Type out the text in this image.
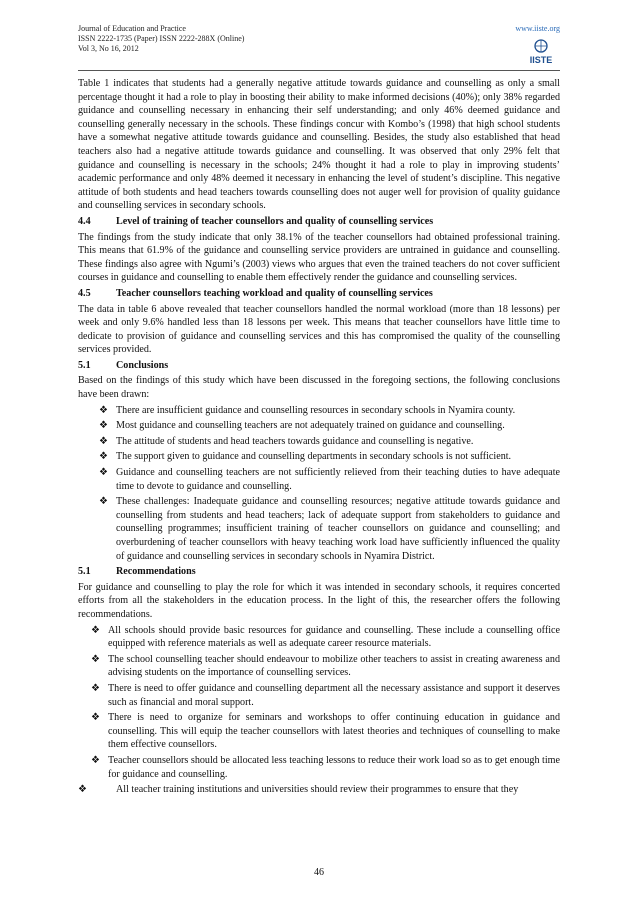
Journal of Education and Practice
ISSN 2222-1735 (Paper) ISSN 2222-288X (Online)
Vol 3, No 16, 2012
www.iiste.org
IISTE

Table 1 indicates that students had a generally negative attitude towards guidance and counselling as only a small percentage thought it had a role to play in boosting their ability to make informed decisions (40%); only 38% regarded guidance and counselling necessary in enhancing their self understanding; and only 46% deemed guidance and counselling generally necessary in the schools. These findings concur with Kombo’s (1998) that high school students have a somewhat negative attitude towards guidance and counselling. Besides, the study also established that head teachers also had a negative attitude towards guidance and counselling. It was observed that only 29% felt that guidance and counselling is necessary in the schools; 24% thought it had a role to play in improving students’ academic performance and only 48% deemed it necessary in enhancing the level of student’s discipline. This negative attitude of both students and head teachers towards counselling does not auger well for provision of quality guidance and counselling services in secondary schools.

4.4	Level of training of teacher counsellors and quality of counselling services

The findings from the study indicate that only 38.1% of the teacher counsellors had obtained professional training. This means that 61.9% of the guidance and counselling service providers are untrained in guidance and counselling. These findings also agree with Ngumi’s (2003) views who argues that even the trained teachers do not cover sufficient courses in guidance and counselling to enable them effectively render the guidance and counselling services.

4.5	Teacher counsellors teaching workload and quality of counselling services

The data in table 6 above revealed that teacher counsellors handled the normal workload (more than 18 lessons) per week and only 9.6% handled less than 18 lessons per week. This means that teacher counsellors have little time to dedicate to provision of guidance and counselling services and this has compromised the quality of the counselling services provided.

5.1	Conclusions

Based on the findings of this study which have been discussed in the foregoing sections, the following conclusions have been drawn:

❖ There are insufficient guidance and counselling resources in secondary schools in Nyamira county.
❖ Most guidance and counselling teachers are not adequately trained on guidance and counselling.
❖ The attitude of students and head teachers towards guidance and counselling is negative.
❖ The support given to guidance and counselling departments in secondary schools is not sufficient.
❖ Guidance and counselling teachers are not sufficiently relieved from their teaching duties to have adequate time to devote to guidance and counselling.
❖ These challenges: Inadequate guidance and counselling resources; negative attitude towards guidance and counselling from students and head teachers; lack of adequate support from stakeholders to guidance and counselling programmes; insufficient training of teacher counsellors on guidance and counselling; and overburdening of teacher counsellors with heavy teaching work load have sufficiently influenced the quality of guidance and counselling services in secondary schools in Nyamira District.
5.1	Recommendations

For guidance and counselling to play the role for which it was intended in secondary schools, it requires concerted efforts from all the stakeholders in the education process. In the light of this, the researcher offers the following recommendations.

❖ All schools should provide basic resources for guidance and counselling. These include a counselling office equipped with reference materials as well as adequate career resource materials.
❖ The school counselling teacher should endeavour to mobilize other teachers to assist in creating awareness and advising students on the importance of counselling services.
❖ There is need to offer guidance and counselling department all the necessary assistance and support it deserves such as financial and moral support.
❖ There is need to organize for seminars and workshops to offer continuing education in guidance and counselling. This will equip the teacher counsellors with latest theories and techniques of counselling to make them effective counsellors.
❖ Teacher counsellors should be allocated less teaching lessons to reduce their work load so as to get enough time for guidance and counselling.
❖	All teacher training institutions and universities should review their programmes to ensure that they
46
